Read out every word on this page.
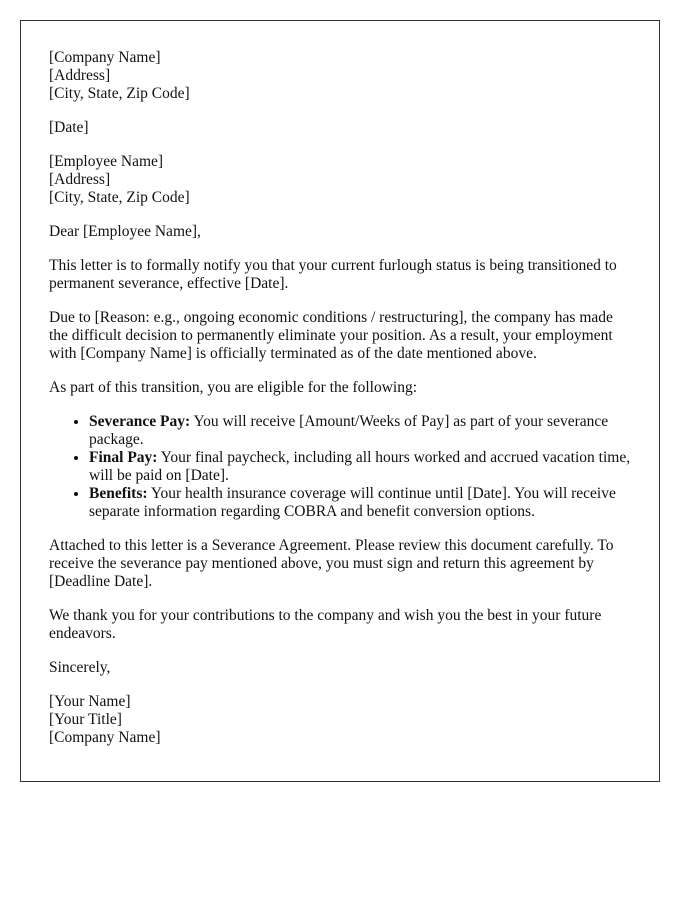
[Company Name]
[Address]
[City, State, Zip Code]

[Date]

[Employee Name]
[Address]
[City, State, Zip Code]

Dear [Employee Name],

This letter is to formally notify you that your current furlough status is being transitioned to permanent severance, effective [Date].

Due to [Reason: e.g., ongoing economic conditions / restructuring], the company has made the difficult decision to permanently eliminate your position. As a result, your employment with [Company Name] is officially terminated as of the date mentioned above.

As part of this transition, you are eligible for the following:

• Severance Pay: You will receive [Amount/Weeks of Pay] as part of your severance package.
• Final Pay: Your final paycheck, including all hours worked and accrued vacation time, will be paid on [Date].
• Benefits: Your health insurance coverage will continue until [Date]. You will receive separate information regarding COBRA and benefit conversion options.

Attached to this letter is a Severance Agreement. Please review this document carefully. To receive the severance pay mentioned above, you must sign and return this agreement by [Deadline Date].

We thank you for your contributions to the company and wish you the best in your future endeavors.

Sincerely,

[Your Name]
[Your Title]
[Company Name]
